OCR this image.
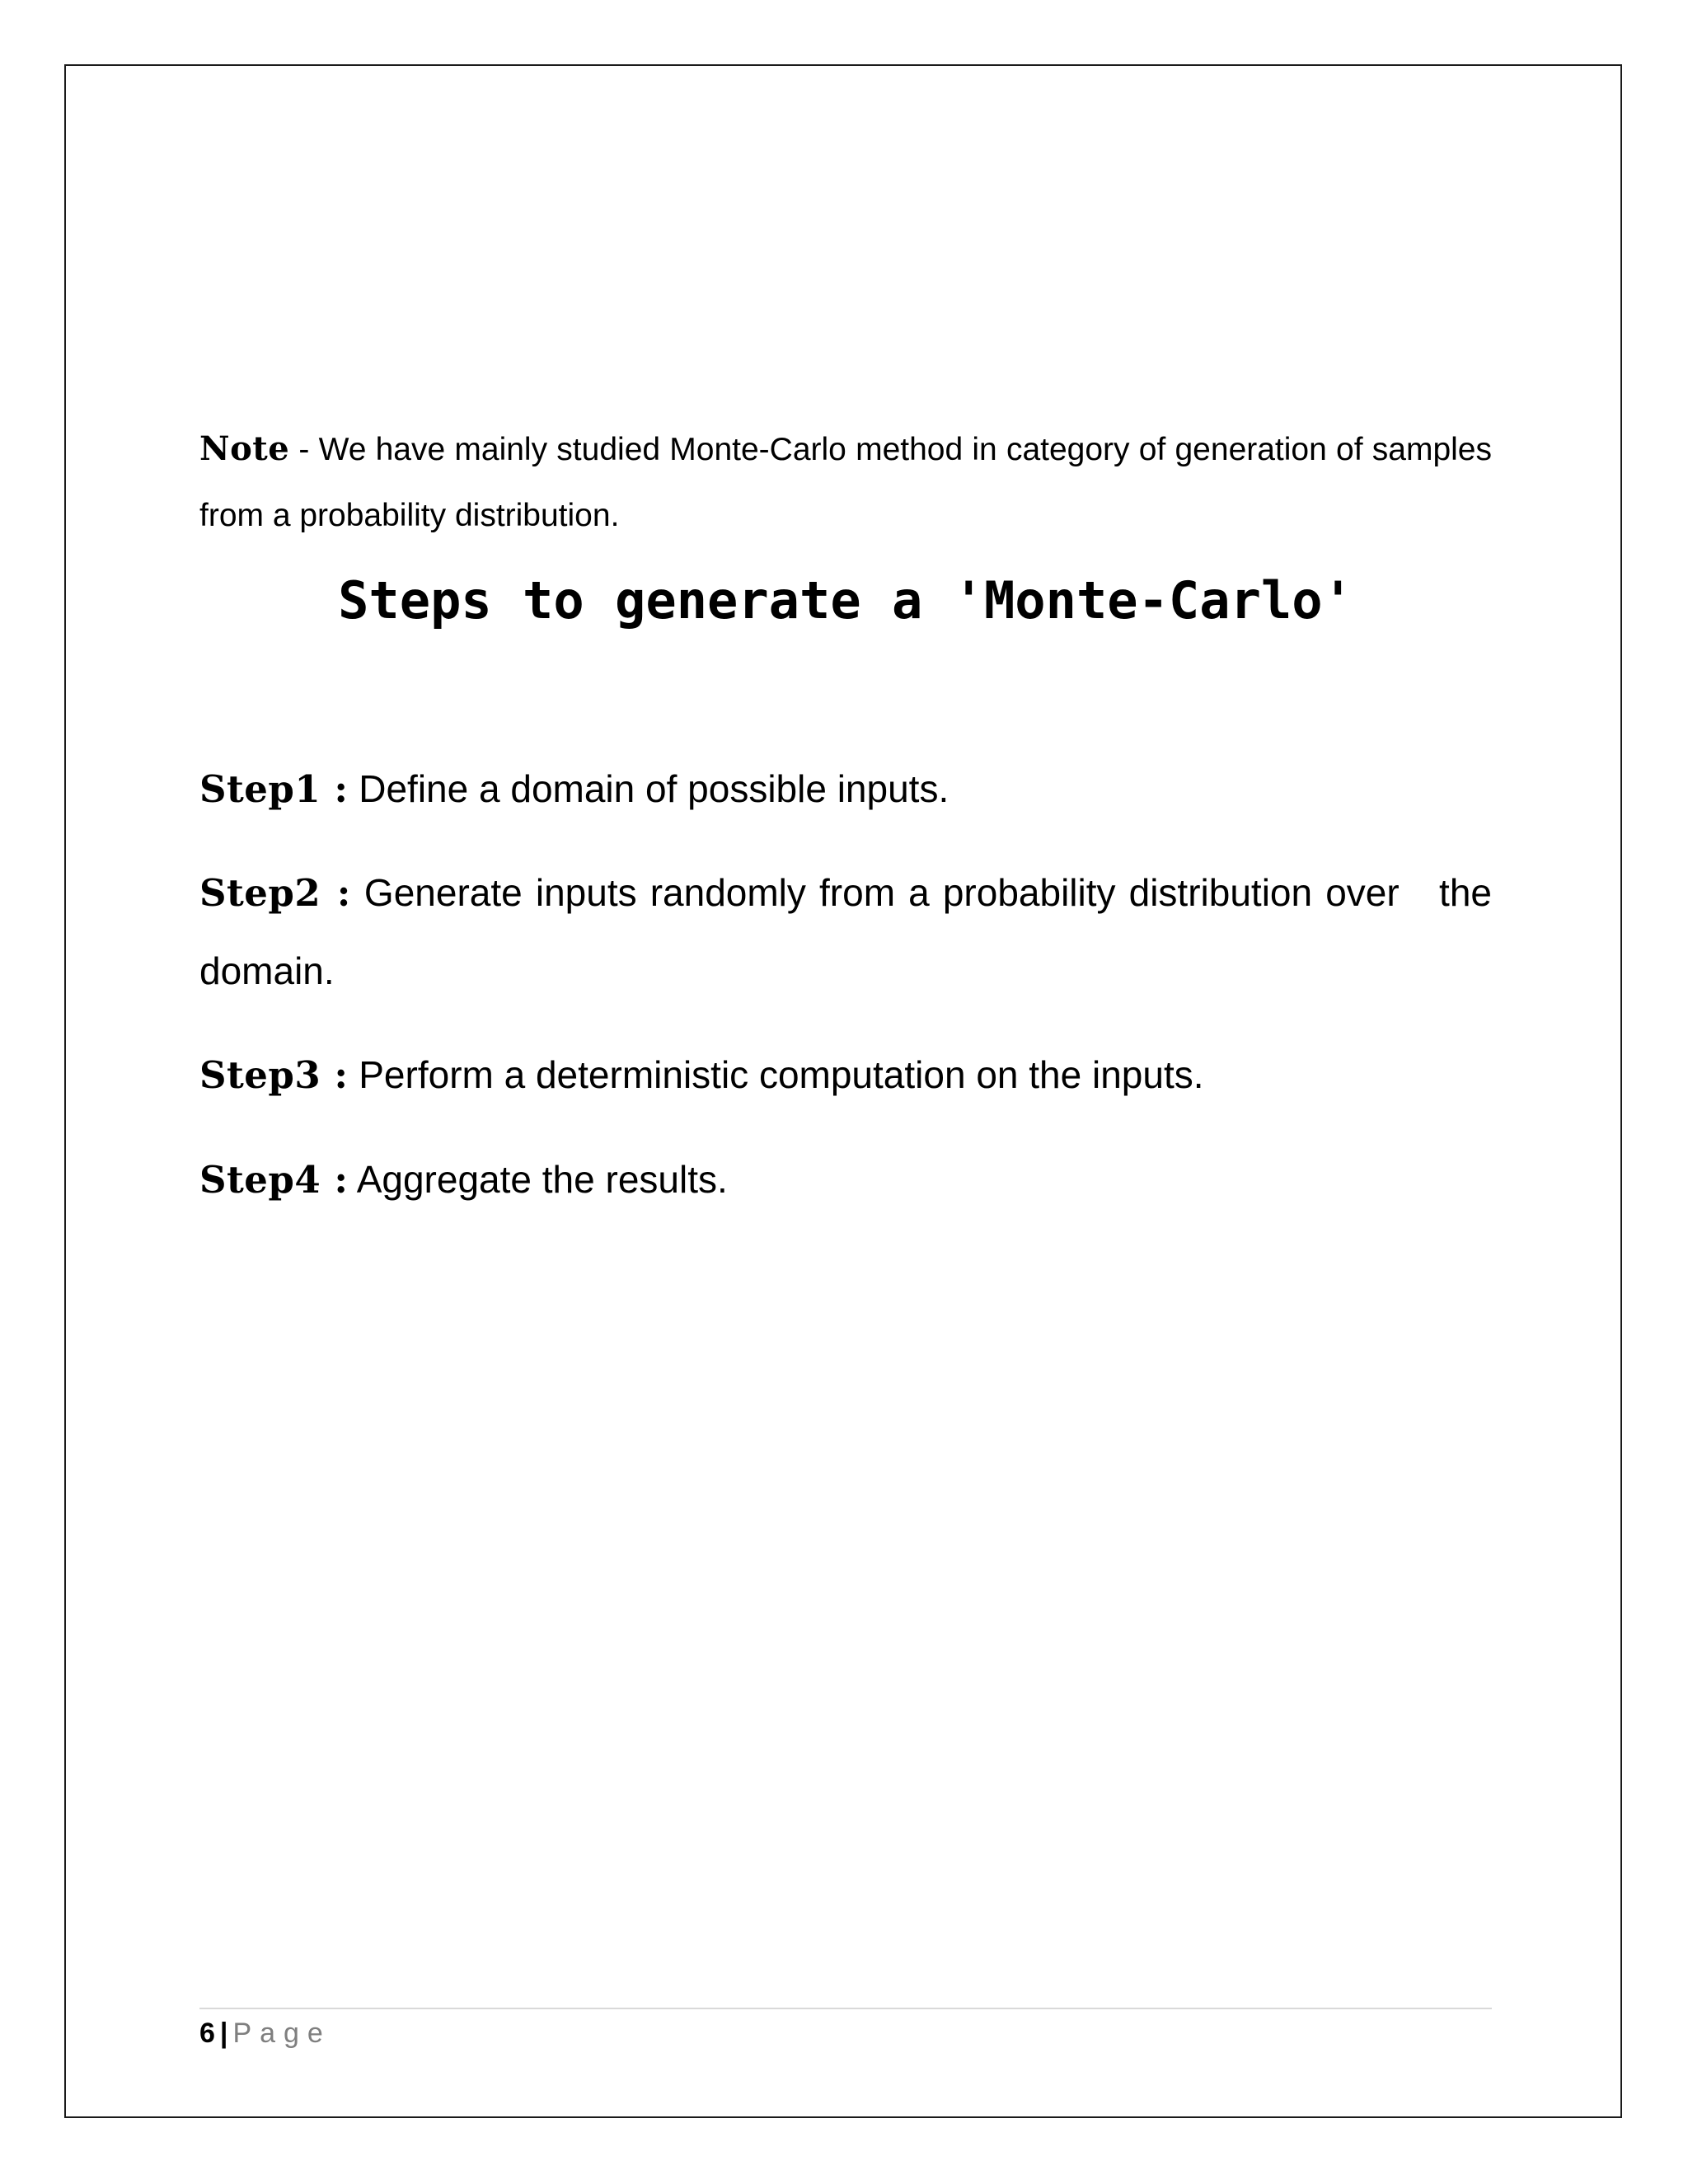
Note - We have mainly studied Monte-Carlo method in category of generation of samples from a probability distribution.
Steps to generate a 'Monte-Carlo'
Step1 : Define a domain of possible inputs.
Step2 : Generate inputs randomly from a probability distribution over   the domain.
Step3 : Perform a deterministic computation on the inputs.
Step4 : Aggregate the results.
6 | Page
